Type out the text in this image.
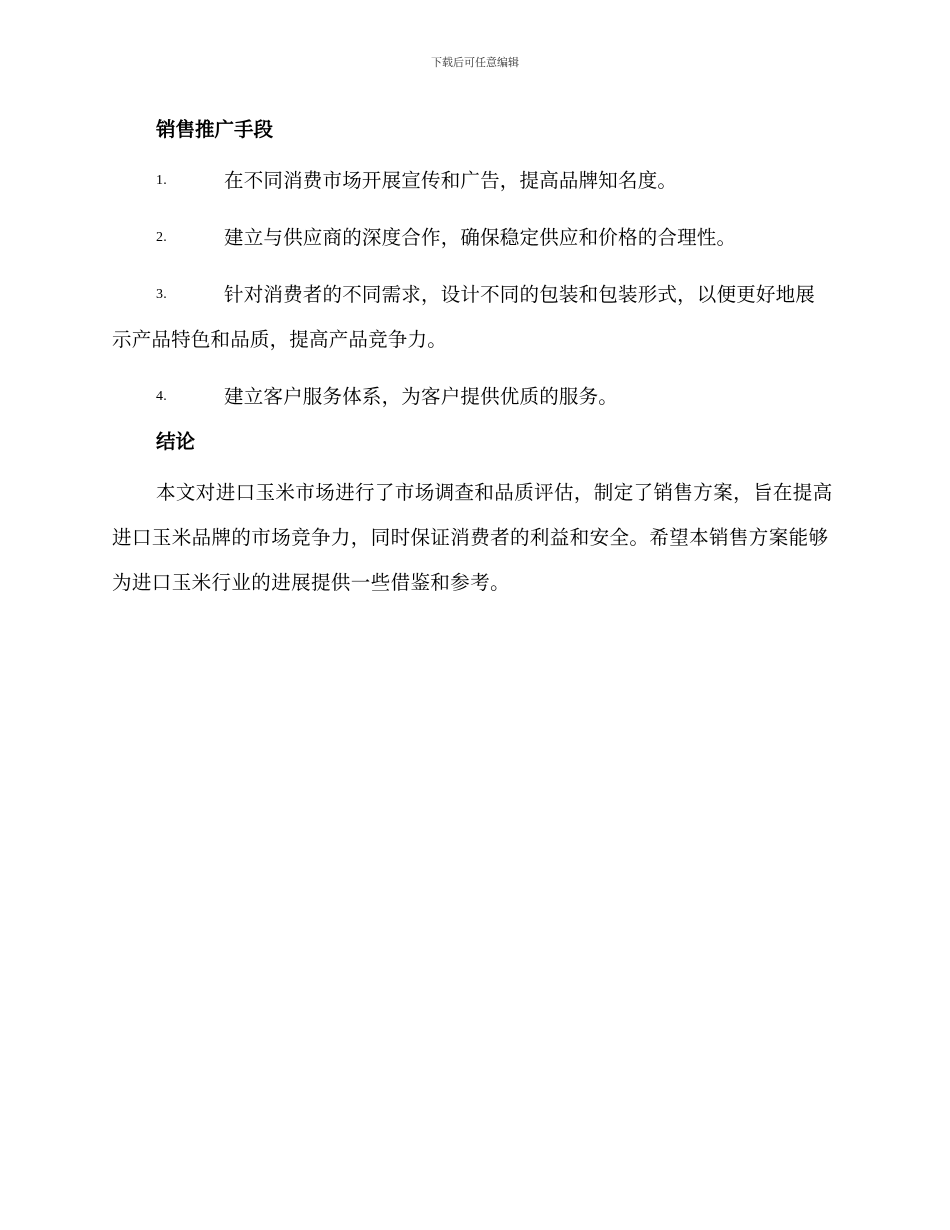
下载后可任意编辑
销售推广手段

1.	在不同消费市场开展宣传和广告，提高品牌知名度。

2.	建立与供应商的深度合作，确保稳定供应和价格的合理性。

3.	针对消费者的不同需求，设计不同的包装和包装形式，以便更好地展示产品特色和品质，提高产品竞争力。

4.	建立客户服务体系，为客户提供优质的服务。

结论

本文对进口玉米市场进行了市场调查和品质评估，制定了销售方案，旨在提高进口玉米品牌的市场竞争力，同时保证消费者的利益和安全。希望本销售方案能够为进口玉米行业的进展提供一些借鉴和参考。
